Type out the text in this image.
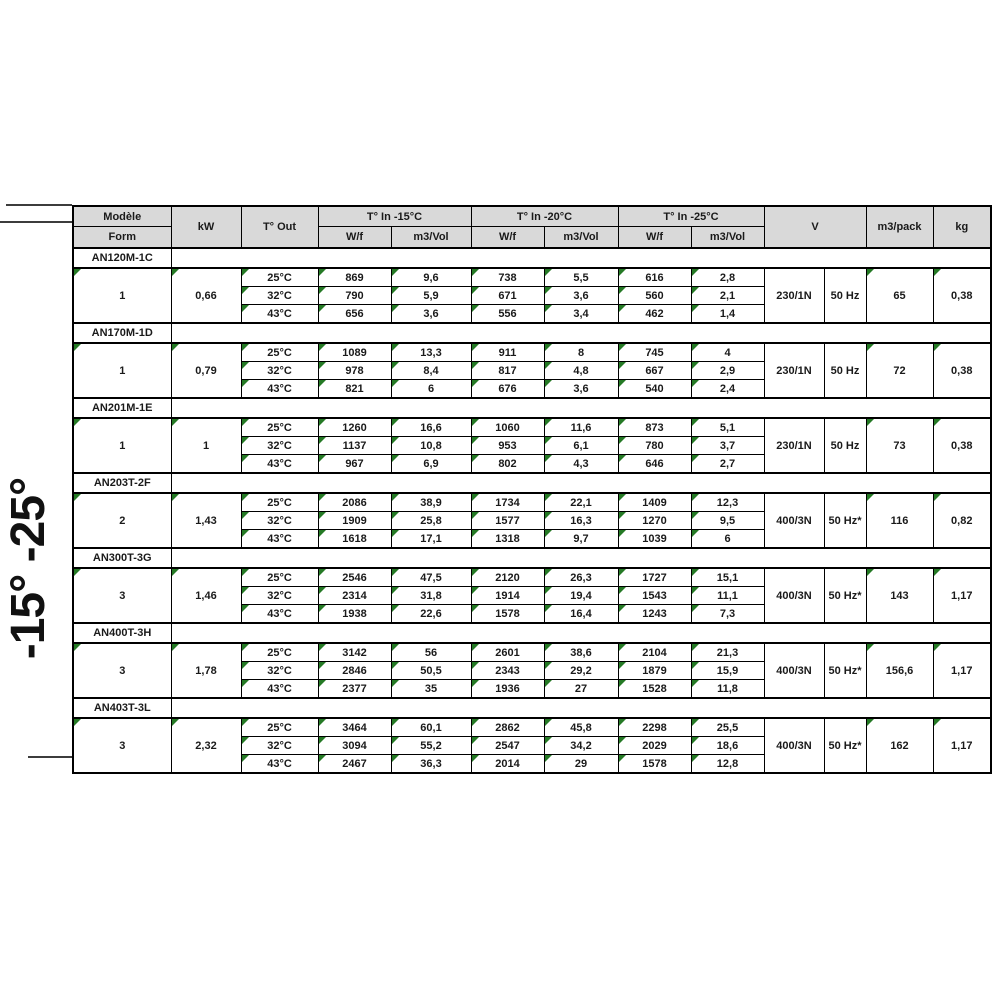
-15° -25°
Modèle	kW	T° Out	T° In -15°C		T° In -20°C		T° In -25°C		V		m3/pack	kg
Form			W/f	m3/Vol	W/f	m3/Vol	W/f	m3/Vol				
AN120M-1C												
1	0,66	25°C	869	9,6	738	5,5	616	2,8	230/1N	50 Hz	65	0,38
		32°C	790	5,9	671	3,6	560	2,1				
		43°C	656	3,6	556	3,4	462	1,4				
AN170M-1D												
1	0,79	25°C	1089	13,3	911	8	745	4	230/1N	50 Hz	72	0,38
		32°C	978	8,4	817	4,8	667	2,9				
		43°C	821	6	676	3,6	540	2,4				
AN201M-1E												
1	1	25°C	1260	16,6	1060	11,6	873	5,1	230/1N	50 Hz	73	0,38
		32°C	1137	10,8	953	6,1	780	3,7				
		43°C	967	6,9	802	4,3	646	2,7				
AN203T-2F												
2	1,43	25°C	2086	38,9	1734	22,1	1409	12,3	400/3N	50 Hz*	116	0,82
		32°C	1909	25,8	1577	16,3	1270	9,5				
		43°C	1618	17,1	1318	9,7	1039	6				
AN300T-3G												
3	1,46	25°C	2546	47,5	2120	26,3	1727	15,1	400/3N	50 Hz*	143	1,17
		32°C	2314	31,8	1914	19,4	1543	11,1				
		43°C	1938	22,6	1578	16,4	1243	7,3				
AN400T-3H												
3	1,78	25°C	3142	56	2601	38,6	2104	21,3	400/3N	50 Hz*	156,6	1,17
		32°C	2846	50,5	2343	29,2	1879	15,9				
		43°C	2377	35	1936	27	1528	11,8				
AN403T-3L												
3	2,32	25°C	3464	60,1	2862	45,8	2298	25,5	400/3N	50 Hz*	162	1,17
		32°C	3094	55,2	2547	34,2	2029	18,6				
		43°C	2467	36,3	2014	29	1578	12,8				
